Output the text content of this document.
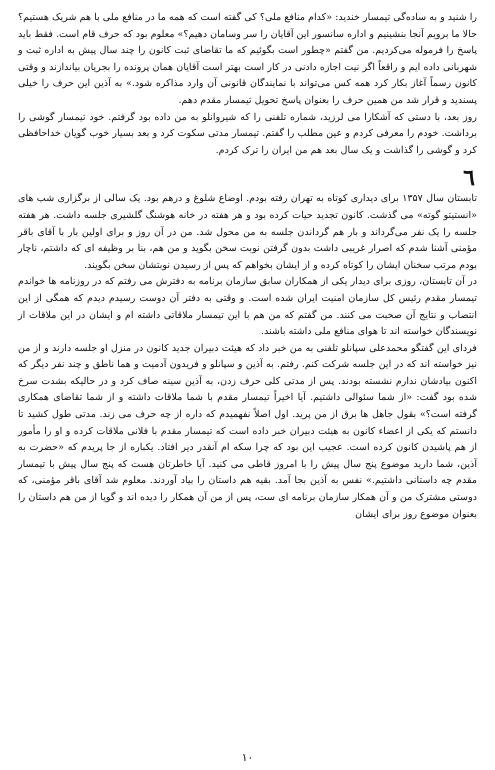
را شنید و به ساده‌گی تیمسار خندید: «کدام منافع ملی؟ کی گفته است که همه ما در منافع ملی با هم شریک هستیم؟ حالا ما برویم آنجا بنشینیم و اداره سانسور این آقایان را سر وسامان دهیم؟» معلوم بود که حرف قام است. فقط باید پاسخ را فرموله می‌کردیم. من گفتم «چطور است بگوئیم که ما تقاضای ثبت کانون را چند سال پیش به اداره ثبت و شهربانی داده ایم و راقعاً اگر نیت اجازه دادنی در کار است بهتر است آقایان همان پرونده را بجریان بیاندازند و وقتی کانون رسماً آغاز بکار کرد همه کس می‌تواند با نمایندگان قانونی آن وارد مذاکره شود.» به آذین این حرف را خیلی پسندید و قرار شد من همین حرف را بعنوان پاسخ تحویل تیمسار مقدم دهم.

روز بعد، با دستی که آشکارا می لرزید، شماره تلفنی را که شیروانلو به من داده بود گرفتم. خود تیمسار گوشی را برداشت. خودم را معرفی کردم و عین مطلب را گفتم. تیمسار مدتی سکوت کرد و بعد بسیار خوب گویان خداحافظی کرد و گوشی را گذاشت و یک سال بعد هم من ایران را ترک کردم.

٦

تابستان سال ۱۳۵۷ برای دیداری کوتاه به تهران رفته بودم. اوضاع شلوغ و درهم بود. یک سالی از برگزاری شب های «انستیتو گوته» می گذشت. کانون تجدید حیات کرده بود و هر هفته در خانه هوشنگ گلشیری جلسه داشت. هر هفته جلسه را یک نفر می‌گرداند و بار هم گرداندن جلسه به من محول شد. من در آن روز و برای اولین بار با آقای باقر مؤمنی آشنا شدم که اصرار غریبی داشت بدون گرفتن نوبت سخن بگوید و من هم، بنا بر وظیفه ای که داشتم، ناچار بودم مرتب سخنان ایشان را کوتاه کرده و از ایشان بخواهم که پس از رسیدن نوبتشان سخن بگویند.

در آن تابستان، روزی برای دیدار یکی از همکاران سابق سازمان برنامه به دفترش می رفتم که در روزنامه ها خواندم تیمسار مقدم رئیس کل سازمان امنیت ایران شده است. و وقتی به دفتر آن دوست رسیدم دیدم که همگی از این انتصاب و نتایج آن صحبت می کنند. من گفتم که من هم با این تیمسار ملاقاتی داشته ام و ایشان در این ملاقات از نویسندگان خواسته اند تا هوای منافع ملی داشته باشند.

فردای این گفتگو محمدعلی سپانلو تلفنی به من خبر داد که هیئت دبیران جدید کانون در منزل او جلسه دارند و از من نیز خواسته اند که در این جلسه شرکت کنم. رفتم. به آذین و سپانلو و فریدون آدمیت و هما ناطق و چند نفر دیگر که اکنون بیادشان ندارم نشسته بودند. پس از مدتی کلی حرف زدن، به آذین سینه صاف کرد و در حالیکه بشدت سرخ شده بود گفت: «از شما سئوالی داشتیم. آیا اخیراً تیمسار مقدم با شما ملاقات داشته و از شما تقاضای همکاری گرفته است؟» بقول جاهل ها برق از من پرید. اول اصلاً نفهمیدم که داره از چه حرف می زند. مدتی طول کشید تا دانستم که یکی از اعضاء کانون به هیئت دبیران خبر داده است که تیمسار مقدم با فلانی ملاقات کرده و او را مأمور از هم پاشیدن کانون کرده است. عجیب این بود که چرا سکه ام آنقدر دیر افتاد. یکباره از جا پریدم که «حضرت به آذین، شما دارید موضوع پنج سال پیش را با امروز قاطی می کنید. آیا خاطرتان هست که پنج سال پیش با تیمسار مقدم چه داستانی داشتیم.» نفس به آذین بجا آمد. بقیه هم داستان را بیاد آوردند. معلوم شد آقای باقر مؤمنی، که دوستی مشترک من و آن همکار سازمان برنامه ای ست، پس از من آن همکار را دیده اند و گویا از من هم داستان را بعنوان موضوع روز برای ایشان

۱۰
